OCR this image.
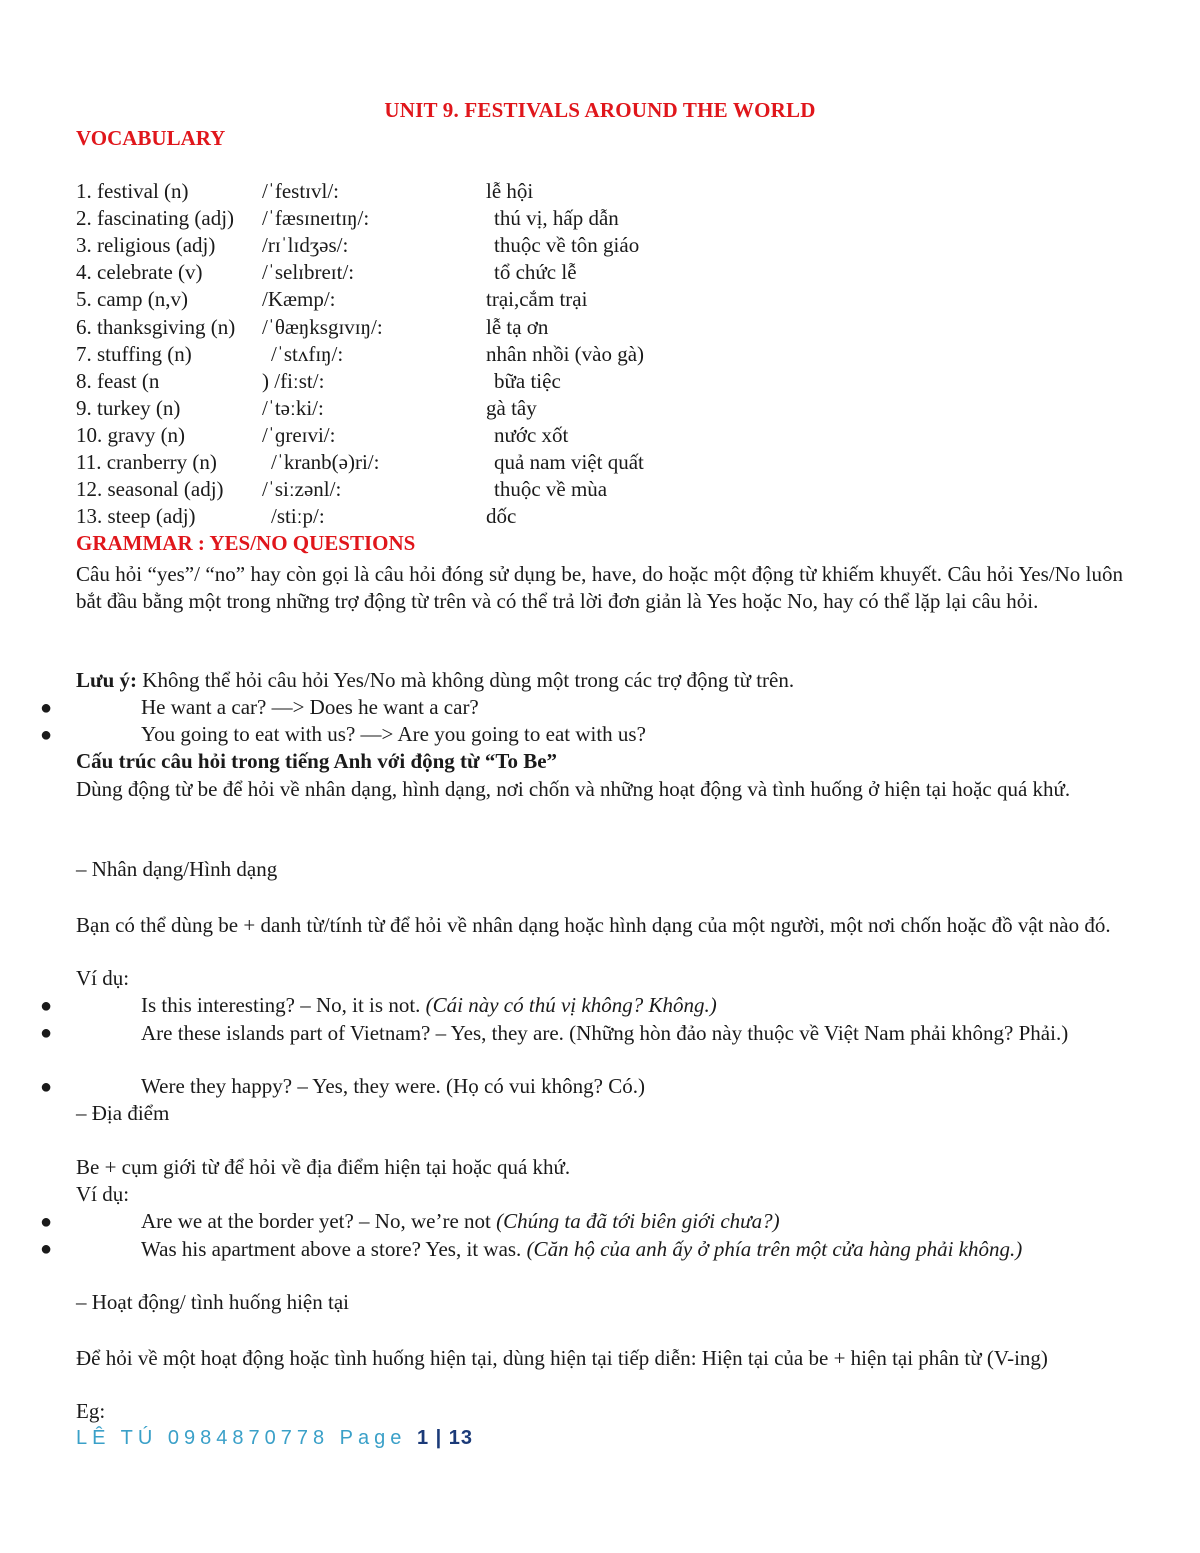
UNIT 9. FESTIVALS AROUND THE WORLD
VOCABULARY
1. festival (n)	/ˈfestɪvl/:	lễ hội
2. fascinating (adj) /ˈfæsɪneɪtɪŋ/:	thú vị, hấp dẫn
3. religious (adj) /rɪˈlɪdʒəs/:	thuộc về tôn giáo
4. celebrate (v)	/ˈselɪbreɪt/:	tổ chức lễ
5. camp (n,v)	/Kæmp/:	trại,cắm trại
6. thanksgiving (n) /ˈθæŋksgɪvɪŋ/:	lễ tạ ơn
7. stuffing (n)	/ˈstʌfɪŋ/:	nhân nhồi (vào gà)
8. feast (n	) /fiːst/:	bữa tiệc
9. turkey (n)	/ˈtəːki/:	gà tây
10. gravy (n)	/ˈɡreɪvi/:	nước xốt
11. cranberry (n)	/ˈkranb(ə)ri/:	quả nam việt quất
12. seasonal (adj) /ˈsiːzənl/:	thuộc về mùa
13. steep (adj)	/stiːp/:	dốc
GRAMMAR : YES/NO QUESTIONS
Câu hỏi “yes”/ “no” hay còn gọi là câu hỏi đóng sử dụng be, have, do hoặc một động từ khiếm khuyết. Câu hỏi Yes/No luôn bắt đầu bằng một trong những trợ động từ trên và có thể trả lời đơn giản là Yes hoặc No, hay có thể lặp lại câu hỏi.
Lưu ý: Không thể hỏi câu hỏi Yes/No mà không dùng một trong các trợ động từ trên.
●	He want a car? —> Does he want a car?
●	You going to eat with us? —> Are you going to eat with us?
Cấu trúc câu hỏi trong tiếng Anh với động từ “To Be”
Dùng động từ be để hỏi về nhân dạng, hình dạng, nơi chốn và những hoạt động và tình huống ở hiện tại hoặc quá khứ.
– Nhân dạng/Hình dạng
Bạn có thể dùng be + danh từ/tính từ để hỏi về nhân dạng hoặc hình dạng của một người, một nơi chốn hoặc đồ vật nào đó.
Ví dụ:
●	Is this interesting? – No, it is not. (Cái này có thú vị không? Không.)
●	Are these islands part of Vietnam? – Yes, they are. (Những hòn đảo này thuộc về Việt Nam phải không? Phải.)
●	Were they happy? – Yes, they were. (Họ có vui không? Có.)
– Địa điểm
Be + cụm giới từ để hỏi về địa điểm hiện tại hoặc quá khứ.
Ví dụ:
●	Are we at the border yet? – No, we’re not (Chúng ta đã tới biên giới chưa?)
●	Was his apartment above a store? Yes, it was. (Căn hộ của anh ấy ở phía trên một cửa hàng phải không.)
– Hoạt động/ tình huống hiện tại
Để hỏi về một hoạt động hoặc tình huống hiện tại, dùng hiện tại tiếp diễn: Hiện tại của be + hiện tại phân từ (V-ing)
Eg:
LÊ TÚ 0984870778 Page 1 | 13
